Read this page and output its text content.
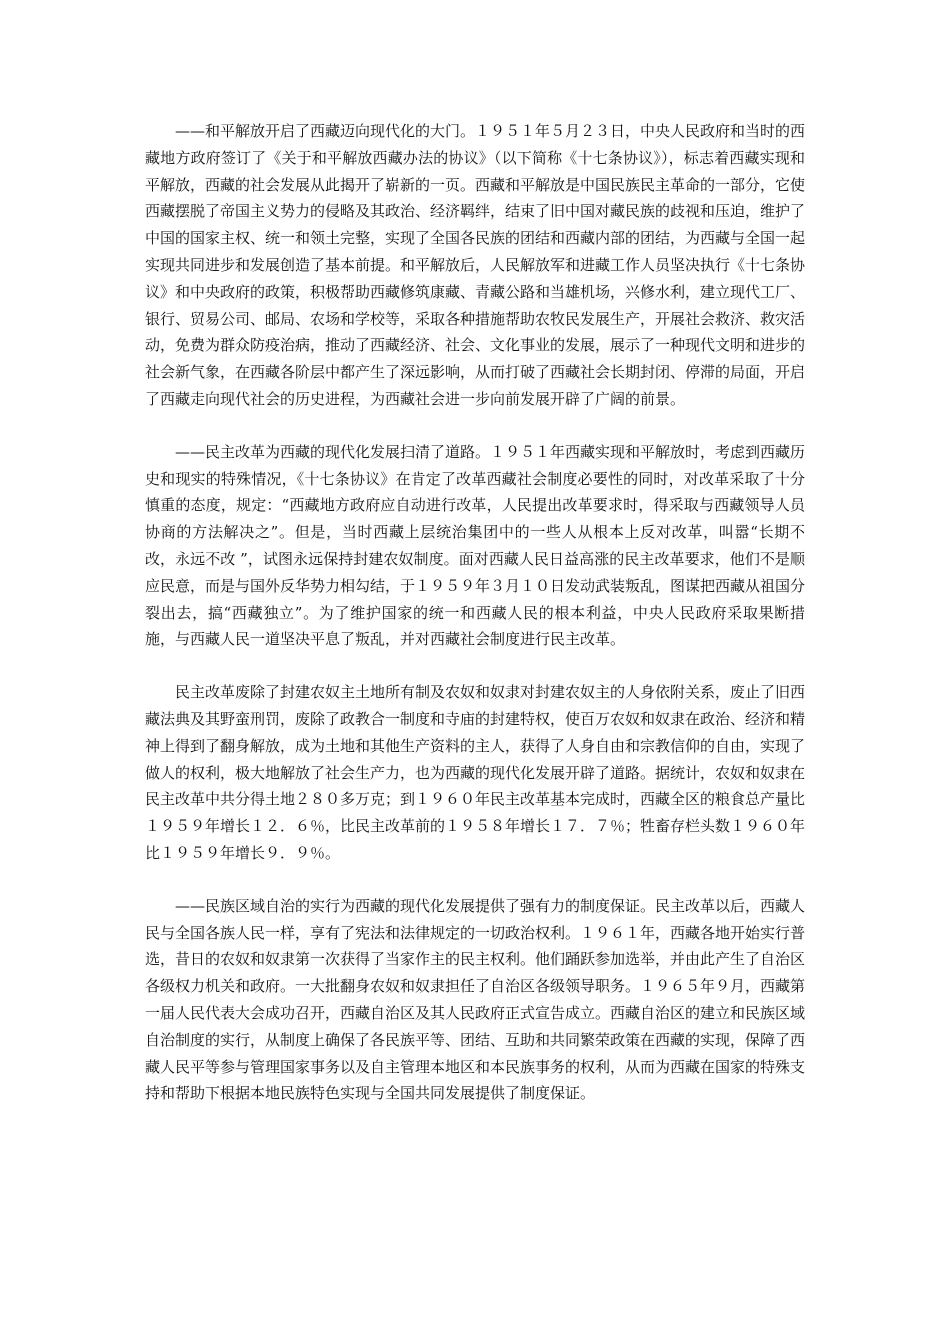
——和平解放开启了西藏迈向现代化的大门。１９５１年５月２３日，中央人民政府和当时的西藏地方政府签订了《关于和平解放西藏办法的协议》（以下简称《十七条协议》），标志着西藏实现和平解放，西藏的社会发展从此揭开了崭新的一页。西藏和平解放是中国民族民主革命的一部分，它使西藏摆脱了帝国主义势力的侵略及其政治、经济羁绊，结束了旧中国对藏民族的歧视和压迫，维护了中国的国家主权、统一和领土完整，实现了全国各民族的团结和西藏内部的团结，为西藏与全国一起实现共同进步和发展创造了基本前提。和平解放后，人民解放军和进藏工作人员坚决执行《十七条协议》和中央政府的政策，积极帮助西藏修筑康藏、青藏公路和当雄机场，兴修水利，建立现代工厂、银行、贸易公司、邮局、农场和学校等，采取各种措施帮助农牧民发展生产，开展社会救济、救灾活动，免费为群众防疫治病，推动了西藏经济、社会、文化事业的发展，展示了一种现代文明和进步的社会新气象，在西藏各阶层中都产生了深远影响，从而打破了西藏社会长期封闭、停滞的局面，开启了西藏走向现代社会的历史进程，为西藏社会进一步向前发展开辟了广阔的前景。

——民主改革为西藏的现代化发展扫清了道路。１９５１年西藏实现和平解放时，考虑到西藏历史和现实的特殊情况，《十七条协议》在肯定了改革西藏社会制度必要性的同时，对改革采取了十分慎重的态度，规定：“西藏地方政府应自动进行改革，人民提出改革要求时，得采取与西藏领导人员协商的方法解决之”。但是，当时西藏上层统治集团中的一些人从根本上反对改革，叫嚣“长期不改，永远不改 ”，试图永远保持封建农奴制度。面对西藏人民日益高涨的民主改革要求，他们不是顺应民意，而是与国外反华势力相勾结，于１９５９年３月１０日发动武装叛乱，图谋把西藏从祖国分裂出去，搞“西藏独立”。为了维护国家的统一和西藏人民的根本利益，中央人民政府采取果断措施，与西藏人民一道坚决平息了叛乱，并对西藏社会制度进行民主改革。

民主改革废除了封建农奴主土地所有制及农奴和奴隶对封建农奴主的人身依附关系，废止了旧西藏法典及其野蛮刑罚，废除了政教合一制度和寺庙的封建特权，使百万农奴和奴隶在政治、经济和精神上得到了翻身解放，成为土地和其他生产资料的主人，获得了人身自由和宗教信仰的自由，实现了做人的权利，极大地解放了社会生产力，也为西藏的现代化发展开辟了道路。据统计，农奴和奴隶在民主改革中共分得土地２８０多万克；到１９６０年民主改革基本完成时，西藏全区的粮食总产量比１９５９年增长１２．６％，比民主改革前的１９５８年增长１７．７％；牲畜存栏头数１９６０年比１９５９年增长９．９％。

——民族区域自治的实行为西藏的现代化发展提供了强有力的制度保证。民主改革以后，西藏人民与全国各族人民一样，享有了宪法和法律规定的一切政治权利。１９６１年，西藏各地开始实行普选，昔日的农奴和奴隶第一次获得了当家作主的民主权利。他们踊跃参加选举，并由此产生了自治区各级权力机关和政府。一大批翻身农奴和奴隶担任了自治区各级领导职务。１９６５年９月，西藏第一届人民代表大会成功召开，西藏自治区及其人民政府正式宣告成立。西藏自治区的建立和民族区域自治制度的实行，从制度上确保了各民族平等、团结、互助和共同繁荣政策在西藏的实现，保障了西藏人民平等参与管理国家事务以及自主管理本地区和本民族事务的权利，从而为西藏在国家的特殊支持和帮助下根据本地民族特色实现与全国共同发展提供了制度保证。
